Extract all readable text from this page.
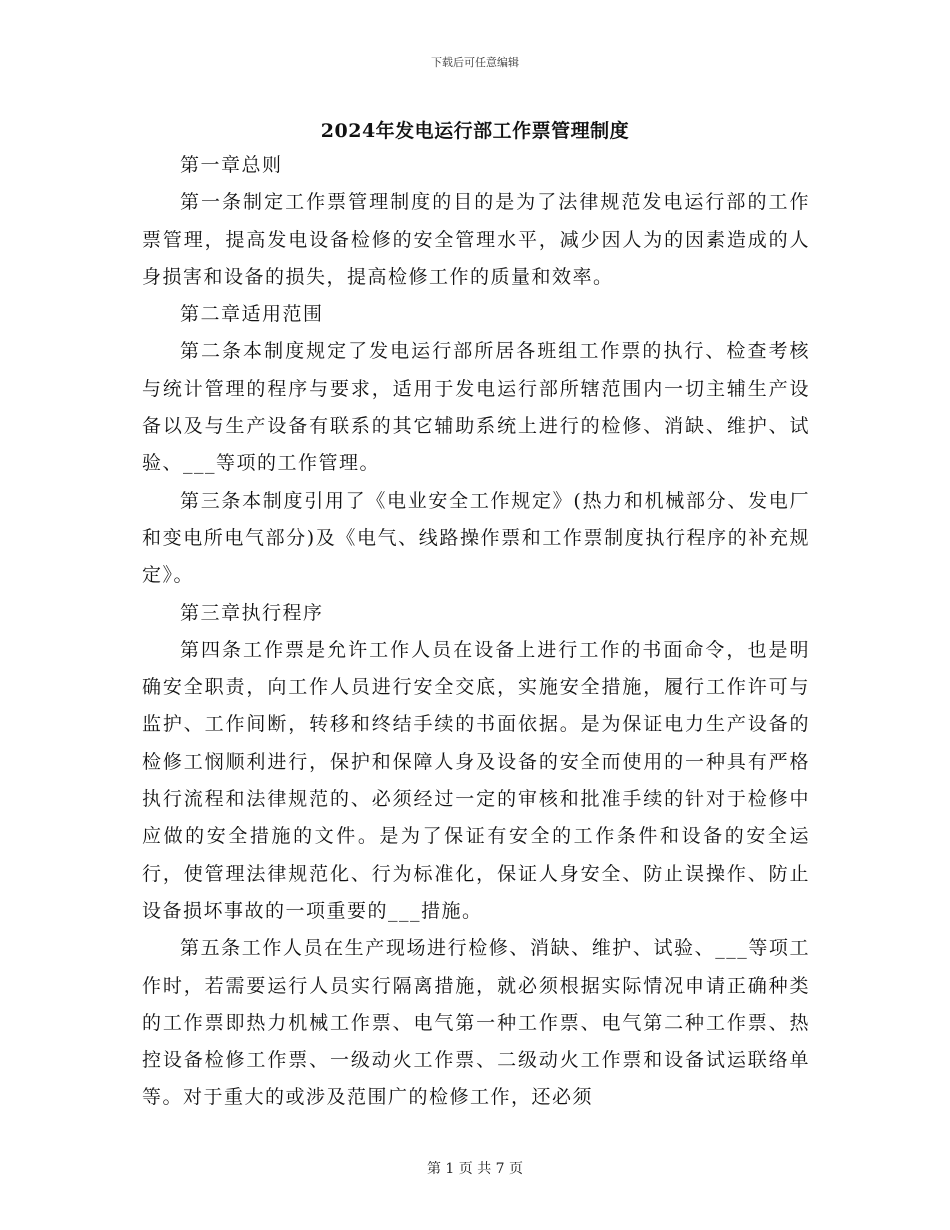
下载后可任意编辑
2024年发电运行部工作票管理制度

第一章总则

第一条制定工作票管理制度的目的是为了法律规范发电运行部的工作票管理，提高发电设备检修的安全管理水平，减少因人为的因素造成的人身损害和设备的损失，提高检修工作的质量和效率。

第二章适用范围

第二条本制度规定了发电运行部所居各班组工作票的执行、检查考核与统计管理的程序与要求，适用于发电运行部所辖范围内一切主辅生产设备以及与生产设备有联系的其它辅助系统上进行的检修、消缺、维护、试验、___等项的工作管理。

第三条本制度引用了《电业安全工作规定》(热力和机械部分、发电厂和变电所电气部分)及《电气、线路操作票和工作票制度执行程序的补充规定》。

第三章执行程序

第四条工作票是允许工作人员在设备上进行工作的书面命令，也是明确安全职责，向工作人员进行安全交底，实施安全措施，履行工作许可与监护、工作间断，转移和终结手续的书面依据。是为保证电力生产设备的检修工悯顺利进行，保护和保障人身及设备的安全而使用的一种具有严格执行流程和法律规范的、必须经过一定的审核和批准手续的针对于检修中应做的安全措施的文件。是为了保证有安全的工作条件和设备的安全运行，使管理法律规范化、行为标准化，保证人身安全、防止误操作、防止设备损坏事故的一项重要的___措施。

第五条工作人员在生产现场进行检修、消缺、维护、试验、___等项工作时，若需要运行人员实行隔离措施，就必须根据实际情况申请正确种类的工作票即热力机械工作票、电气第一种工作票、电气第二种工作票、热控设备检修工作票、一级动火工作票、二级动火工作票和设备试运联络单等。对于重大的或涉及范围广的检修工作，还必须

第 1 页 共 7 页
